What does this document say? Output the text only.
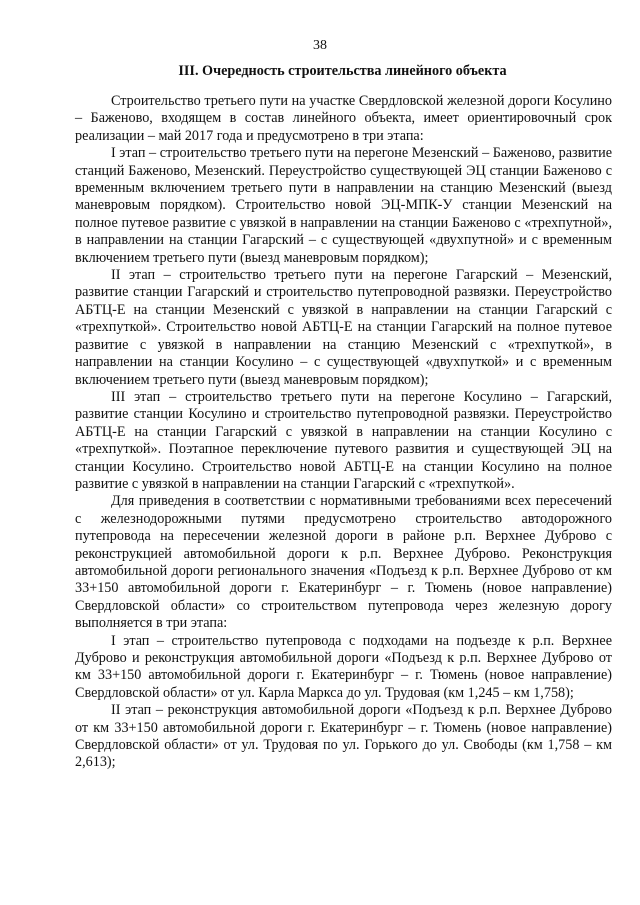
38
III. Очередность строительства линейного объекта

Строительство третьего пути на участке Свердловской железной дороги Косулино – Баженово, входящем в состав линейного объекта, имеет ориентировочный срок реализации – май 2017 года и предусмотрено в три этапа:

I этап – строительство третьего пути на перегоне Мезенский – Баженово, развитие станций Баженово, Мезенский. Переустройство существующей ЭЦ станции Баженово с временным включением третьего пути в направлении на станцию Мезенский (выезд маневровым порядком). Строительство новой ЭЦ-МПК-У станции Мезенский на полное путевое развитие с увязкой в направлении на станции Баженово с «трехпутной», в направлении на станции Гагарский – с существующей «двухпутной» и с временным включением третьего пути (выезд маневровым порядком);

II этап – строительство третьего пути на перегоне Гагарский – Мезенский, развитие станции Гагарский и строительство путепроводной развязки. Переустройство АБТЦ-Е на станции Мезенский с увязкой в направлении на станции Гагарский с «трехпуткой». Строительство новой АБТЦ-Е на станции Гагарский на полное путевое развитие с увязкой в направлении на станцию Мезенский с «трехпуткой», в направлении на станции Косулино – с существующей «двухпуткой» и с временным включением третьего пути (выезд маневровым порядком);

III этап – строительство третьего пути на перегоне Косулино – Гагарский, развитие станции Косулино и строительство путепроводной развязки. Переустройство АБТЦ-Е на станции Гагарский с увязкой в направлении на станции Косулино с «трехпуткой». Поэтапное переключение путевого развития и существующей ЭЦ на станции Косулино. Строительство новой АБТЦ-Е на станции Косулино на полное развитие с увязкой в направлении на станции Гагарский с «трехпуткой».

Для приведения в соответствии с нормативными требованиями всех пересечений с железнодорожными путями предусмотрено строительство автодорожного путепровода на пересечении железной дороги в районе р.п. Верхнее Дуброво с реконструкцией автомобильной дороги к р.п. Верхнее Дуброво. Реконструкция автомобильной дороги регионального значения «Подъезд к р.п. Верхнее Дуброво от км 33+150 автомобильной дороги г. Екатеринбург – г. Тюмень (новое направление) Свердловской области» со строительством путепровода через железную дорогу выполняется в три этапа:

I этап – строительство путепровода с подходами на подъезде к р.п. Верхнее Дуброво и реконструкция автомобильной дороги «Подъезд к р.п. Верхнее Дуброво от км 33+150 автомобильной дороги г. Екатеринбург – г. Тюмень (новое направление) Свердловской области» от ул. Карла Маркса до ул. Трудовая (км 1,245 – км 1,758);

II этап – реконструкция автомобильной дороги «Подъезд к р.п. Верхнее Дуброво от км 33+150 автомобильной дороги г. Екатеринбург – г. Тюмень (новое направление) Свердловской области» от ул. Трудовая по ул. Горького до ул. Свободы (км 1,758 – км 2,613);
